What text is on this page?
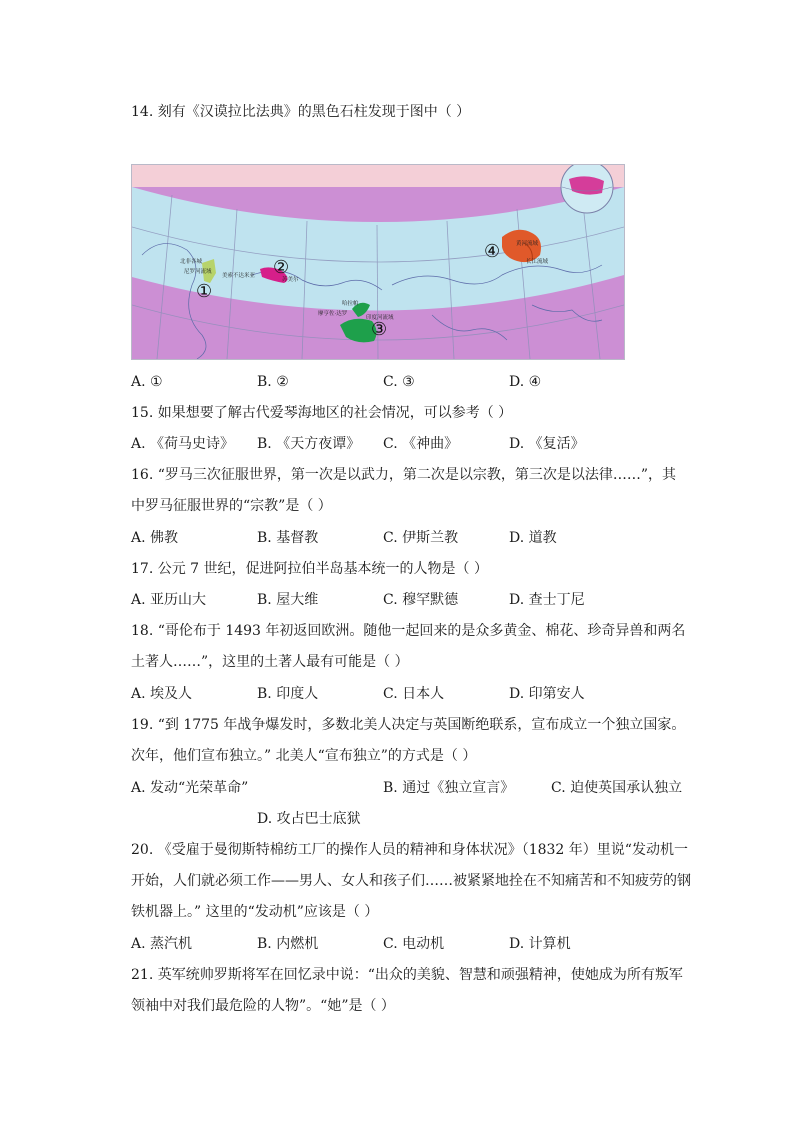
14. 刻有《汉谟拉比法典》的黑色石柱发现于图中（ ）
①
②
③
④
北非各城
尼罗河流域
美索不达米亚
苏美尔
哈拉帕
摩亨佐·达罗
印度河流域
黄河流域
长江流域
A. ①	B. ②	C. ③	D. ④
15. 如果想要了解古代爱琴海地区的社会情况，可以参考（ ）
A. 《荷马史诗》 B. 《天方夜谭》 C. 《神曲》	D. 《复活》
16. “罗马三次征服世界，第一次是以武力，第二次是以宗教，第三次是以法律……”，其
中罗马征服世界的“宗教”是（ ）
A. 佛教	B. 基督教	C. 伊斯兰教	D. 道教
17. 公元 7 世纪，促进阿拉伯半岛基本统一的人物是（ ）
A. 亚历山大	B. 屋大维	C. 穆罕默德	D. 查士丁尼
18. “哥伦布于 1493 年初返回欧洲。随他一起回来的是众多黄金、棉花、珍奇异兽和两名
土著人……”，这里的土著人最有可能是（ ）
A. 埃及人	B. 印度人	C. 日本人	D. 印第安人
19. “到 1775 年战争爆发时，多数北美人决定与英国断绝联系，宣布成立一个独立国家。
次年，他们宣布独立。” 北美人“宣布独立”的方式是（ ）
A. 发动“光荣革命”	B. 通过《独立宣言》	C. 迫使英国承认独立
D. 攻占巴士底狱
20. 《受雇于曼彻斯特棉纺工厂的操作人员的精神和身体状况》（1832 年）里说“发动机一
开始，人们就必须工作——男人、女人和孩子们……被紧紧地拴在不知痛苦和不知疲劳的钢
铁机器上。” 这里的“发动机”应该是（ ）
A. 蒸汽机	B. 内燃机	C. 电动机	D. 计算机
21. 英军统帅罗斯将军在回忆录中说：“出众的美貌、智慧和顽强精神，使她成为所有叛军
领袖中对我们最危险的人物”。“她”是（ ）
